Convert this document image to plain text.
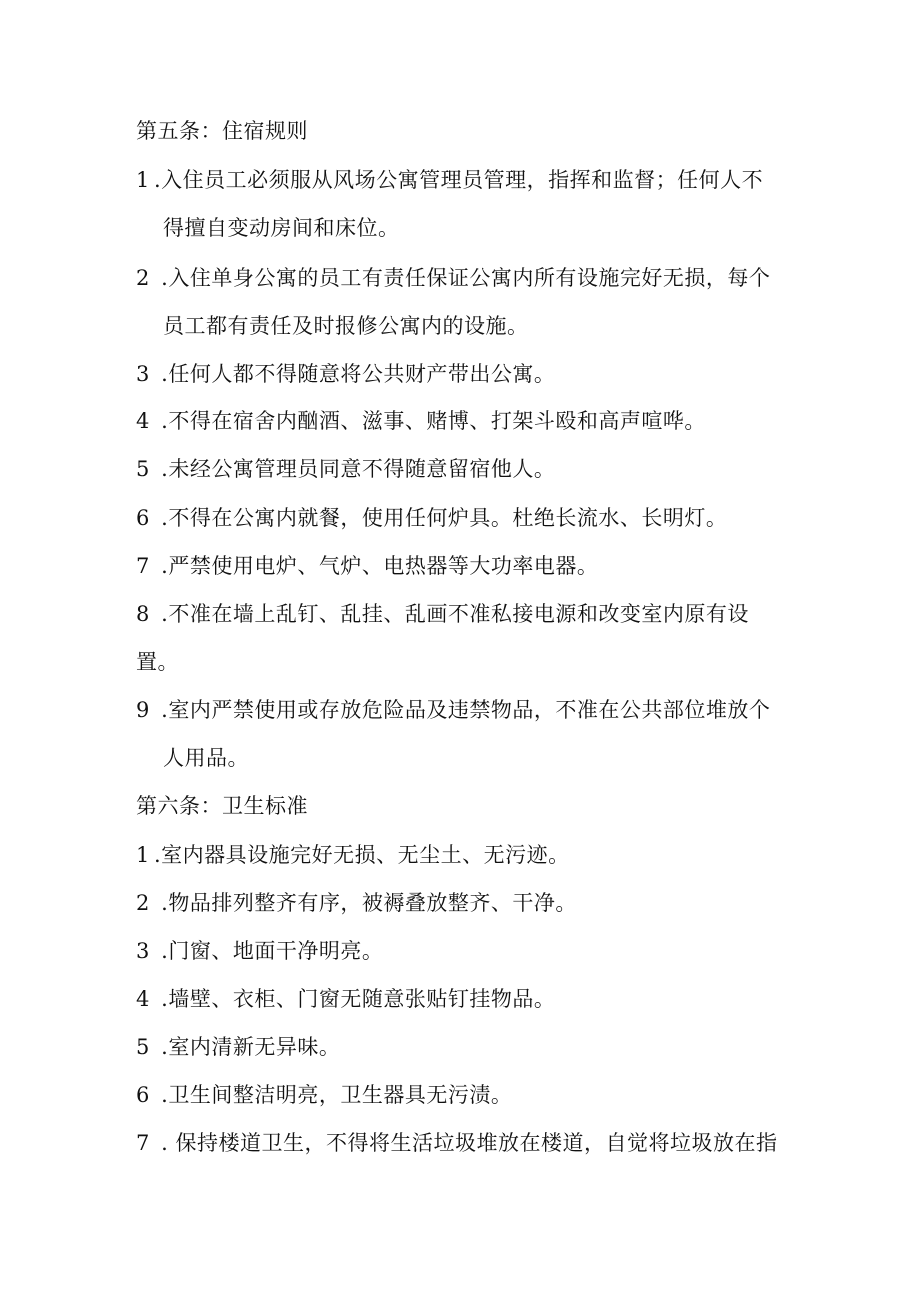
第五条：住宿规则
1 .入住员工必须服从风场公寓管理员管理，指挥和监督；任何人不
得擅自变动房间和床位。
2 .入住单身公寓的员工有责任保证公寓内所有设施完好无损，每个
员工都有责任及时报修公寓内的设施。
3 .任何人都不得随意将公共财产带出公寓。
4 .不得在宿舍内酗酒、滋事、赌博、打架斗殴和高声喧哗。
5 .未经公寓管理员同意不得随意留宿他人。
6 .不得在公寓内就餐，使用任何炉具。杜绝长流水、长明灯。
7 .严禁使用电炉、气炉、电热器等大功率电器。
8 .不准在墙上乱钉、乱挂、乱画不准私接电源和改变室内原有设
置。
9 .室内严禁使用或存放危险品及违禁物品，不准在公共部位堆放个
人用品。
第六条：卫生标准
1 .室内器具设施完好无损、无尘土、无污迹。
2 .物品排列整齐有序，被褥叠放整齐、干净。
3 .门窗、地面干净明亮。
4 .墙壁、衣柜、门窗无随意张贴钉挂物品。
5 .室内清新无异味。
6 .卫生间整洁明亮，卫生器具无污渍。
7 . 保持楼道卫生，不得将生活垃圾堆放在楼道，自觉将垃圾放在指
